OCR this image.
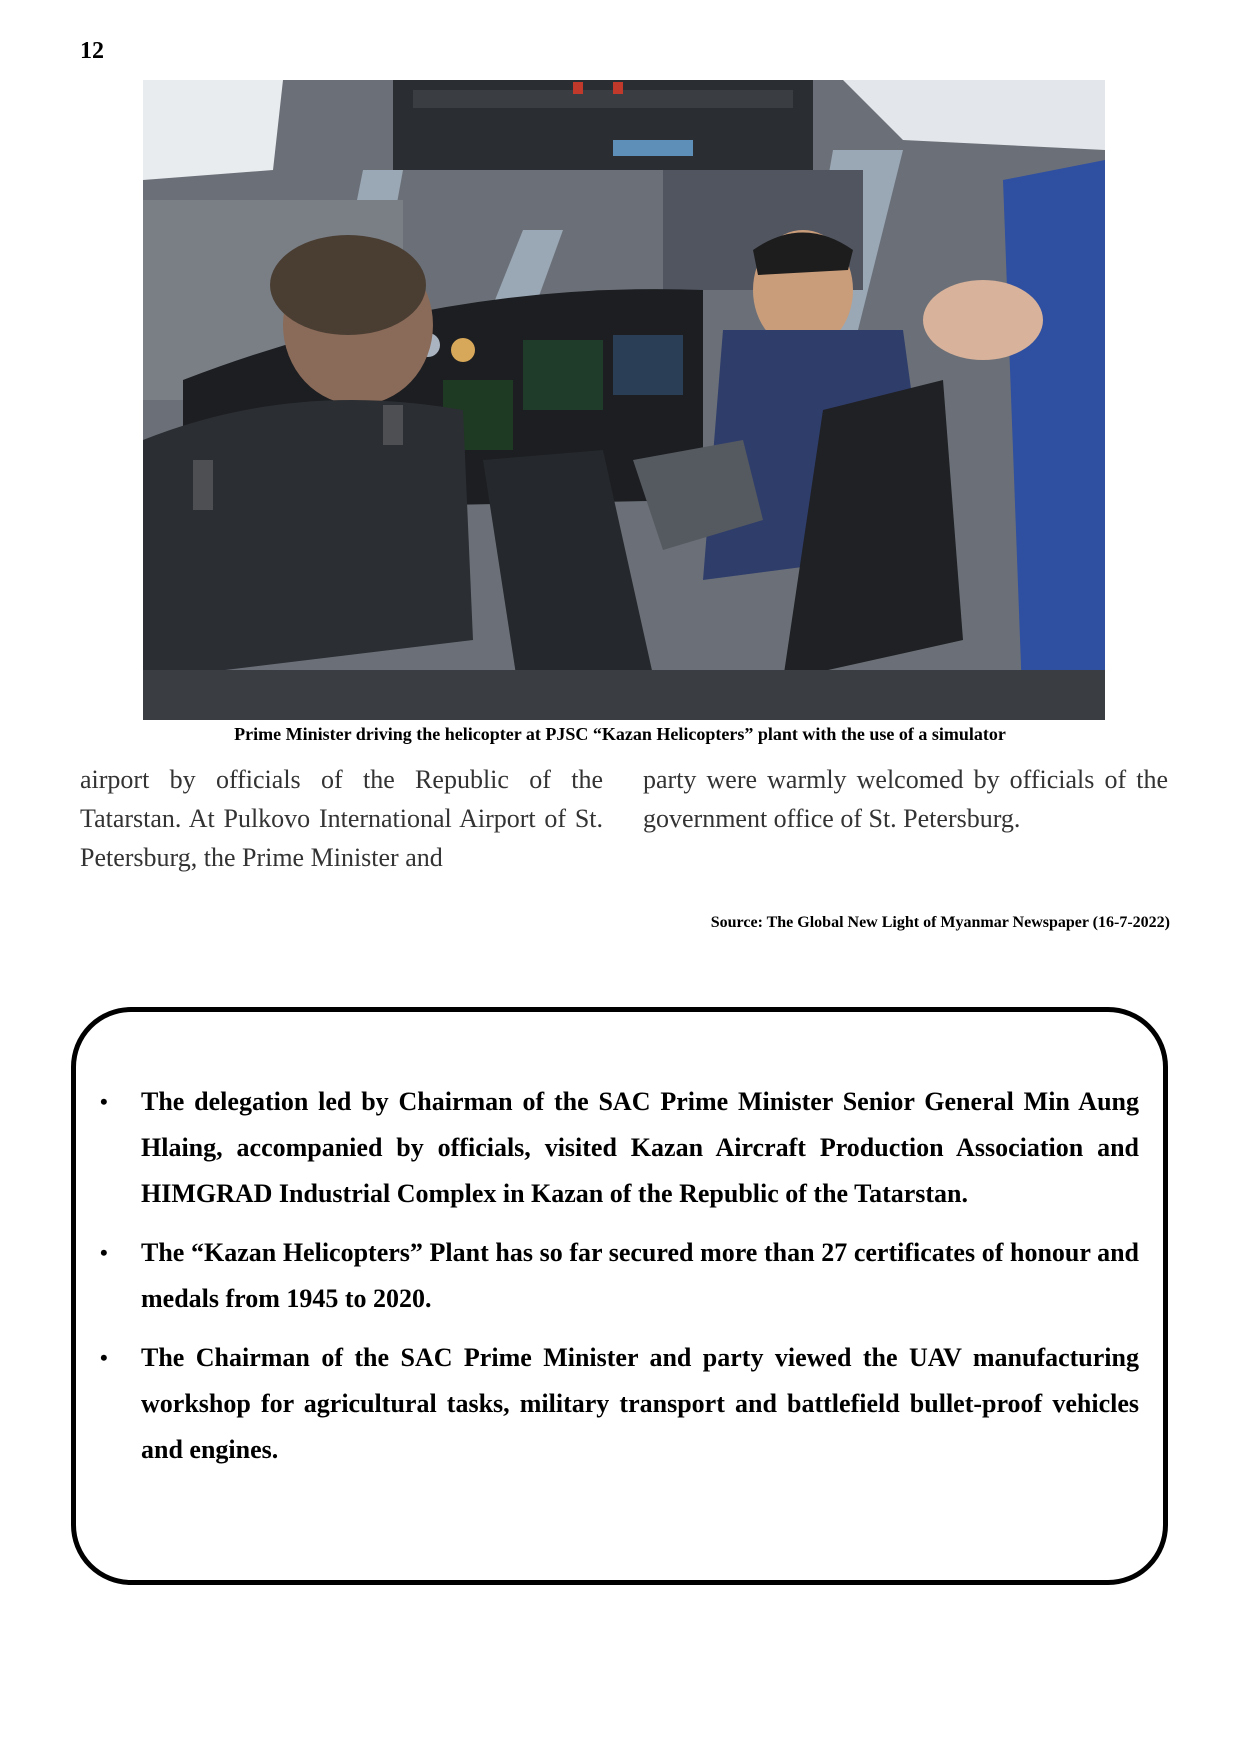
12
Prime Minister driving the helicopter at PJSC “Kazan Helicopters” plant with the use of a simulator
airport by officials of the Republic of the Tatarstan. At Pulkovo International Airport of St. Petersburg, the Prime Minister and
party were warmly welcomed by officials of the government office of St. Petersburg.
Source: The Global New Light of Myanmar Newspaper (16-7-2022)
• The delegation led by Chairman of the SAC Prime Minister Senior General Min Aung Hlaing, accompanied by officials, visited Kazan Aircraft Production Association and HIMGRAD Industrial Complex in Kazan of the Republic of the Tatarstan.
• The “Kazan Helicopters” Plant has so far secured more than 27 certificates of honour and medals from 1945 to 2020.
• The Chairman of the SAC Prime Minister and party viewed the UAV manufacturing workshop for agricultural tasks, military transport and battlefield bullet-proof vehicles and engines.
